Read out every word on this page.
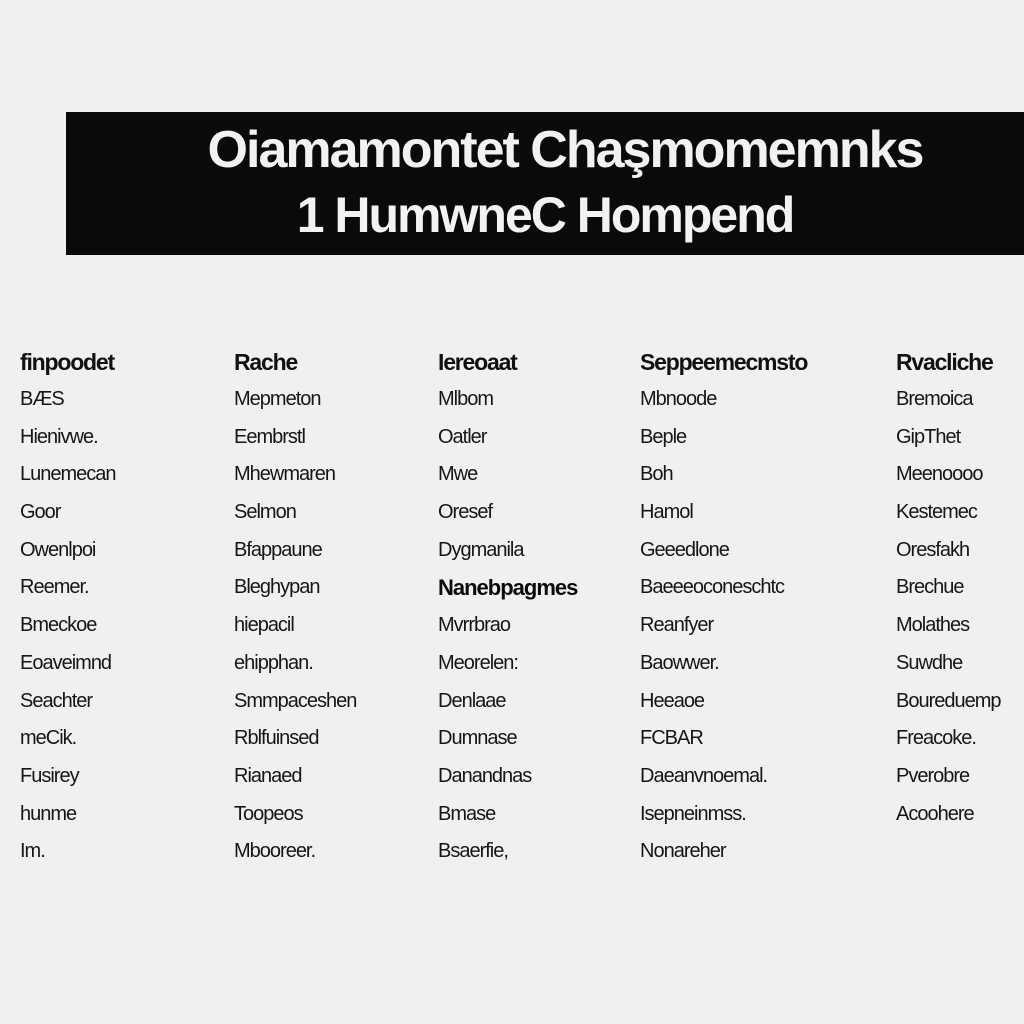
Oiamamontet Chaşmomemnks
1 HumwneC Hompend
finpoodet
BÆS
Hienivwe.
Lunemecan
Goor
Owenlpoi
Reemer.
Bmeckoe
Eoaveimnd
Seachter
meCik.
Fusirey
hunme
Im.
Rache
Mepmeton
Eembrstl
Mhewmaren
Selmon
Bfappaune
Bleghypan
hiepacil
ehipphan.
Smmpaceshen
Rblfuinsed
Rianaed
Toopeos
Mbooreer.
Iereoaat
Mlbom
Oatler
Mwe
Oresef
Dygmanila
Nanebpagmes
Mvrrbrao
Meorelen:
Denlaae
Dumnase
Danandnas
Bmase
Bsaerfie,
Seppeemecmsto
Mbnoode
Beple
Boh
Hamol
Geeedlone
Baeeeoconeschtc
Reanfyer
Baowwer.
Heeaoe
FCBAR
Daeanvnoemal.
Isepneinmss.
Nonareher
Rvacliche
Bremoica
GipThet
Meenoooo
Kestemec
Oresfakh
Brechue
Molathes
Suwdhe
Boureduemp
Freacoke.
Pverobre
Acoohere
